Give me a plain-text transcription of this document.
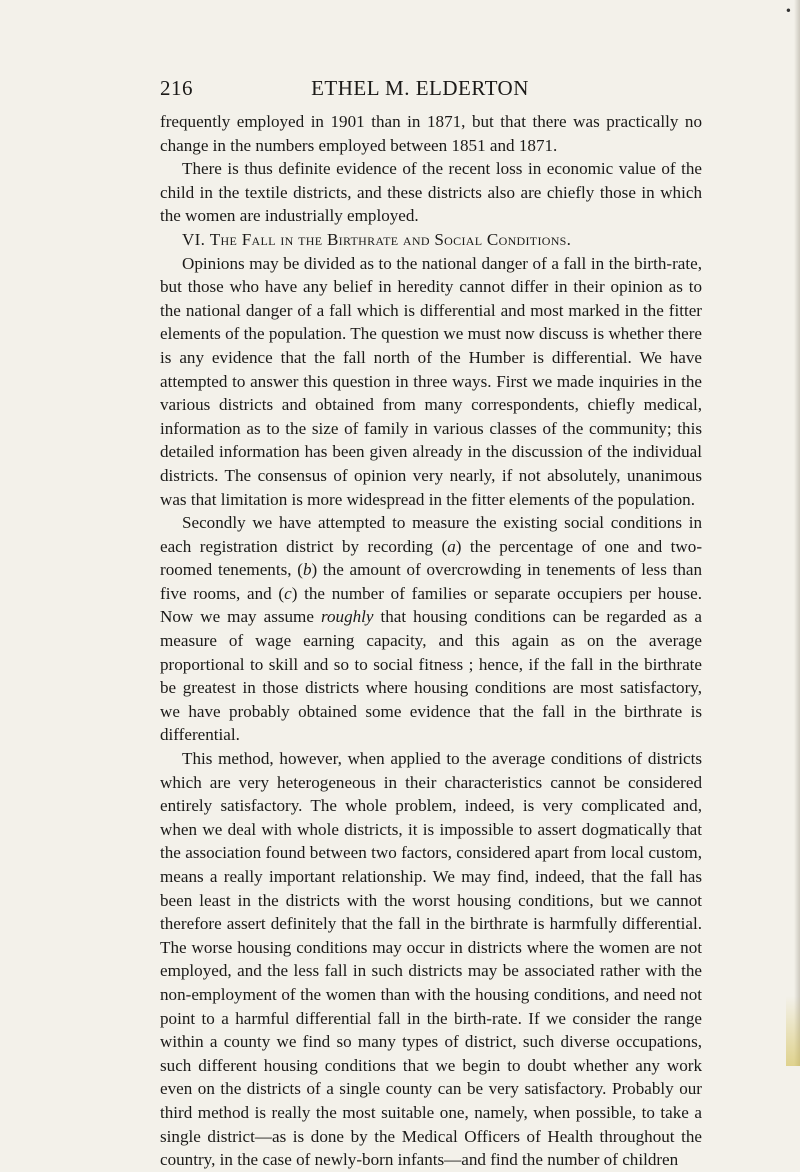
•
216	ETHEL M. ELDERTON

frequently employed in 1901 than in 1871, but that there was practically no change in the numbers employed between 1851 and 1871.

There is thus definite evidence of the recent loss in economic value of the child in the textile districts, and these districts also are chiefly those in which the women are industrially employed.

VI. The Fall in the Birthrate and Social Conditions.

Opinions may be divided as to the national danger of a fall in the birth-rate, but those who have any belief in heredity cannot differ in their opinion as to the national danger of a fall which is differential and most marked in the fitter elements of the population. The question we must now discuss is whether there is any evidence that the fall north of the Humber is differential. We have attempted to answer this question in three ways. First we made inquiries in the various districts and obtained from many correspondents, chiefly medical, information as to the size of family in various classes of the community; this detailed information has been given already in the discussion of the individual districts. The consensus of opinion very nearly, if not absolutely, unanimous was that limitation is more widespread in the fitter elements of the population.

Secondly we have attempted to measure the existing social conditions in each registration district by recording (a) the percentage of one and two-roomed tenements, (b) the amount of overcrowding in tenements of less than five rooms, and (c) the number of families or separate occupiers per house. Now we may assume roughly that housing conditions can be regarded as a measure of wage earning capacity, and this again as on the average proportional to skill and so to social fitness ; hence, if the fall in the birthrate be greatest in those districts where housing conditions are most satisfactory, we have probably obtained some evidence that the fall in the birthrate is differential.

This method, however, when applied to the average conditions of districts which are very heterogeneous in their characteristics cannot be considered entirely satisfactory. The whole problem, indeed, is very complicated and, when we deal with whole districts, it is impossible to assert dogmatically that the association found between two factors, considered apart from local custom, means a really important relationship. We may find, indeed, that the fall has been least in the districts with the worst housing conditions, but we cannot therefore assert definitely that the fall in the birthrate is harmfully differential. The worse housing conditions may occur in districts where the women are not employed, and the less fall in such districts may be associated rather with the non-employment of the women than with the housing conditions, and need not point to a harmful differential fall in the birth-rate. If we consider the range within a county we find so many types of district, such diverse occupations, such different housing conditions that we begin to doubt whether any work even on the districts of a single county can be very satisfactory. Probably our third method is really the most suitable one, namely, when possible, to take a single district—as is done by the Medical Officers of Health throughout the country, in the case of newly-born infants—and find the number of children
